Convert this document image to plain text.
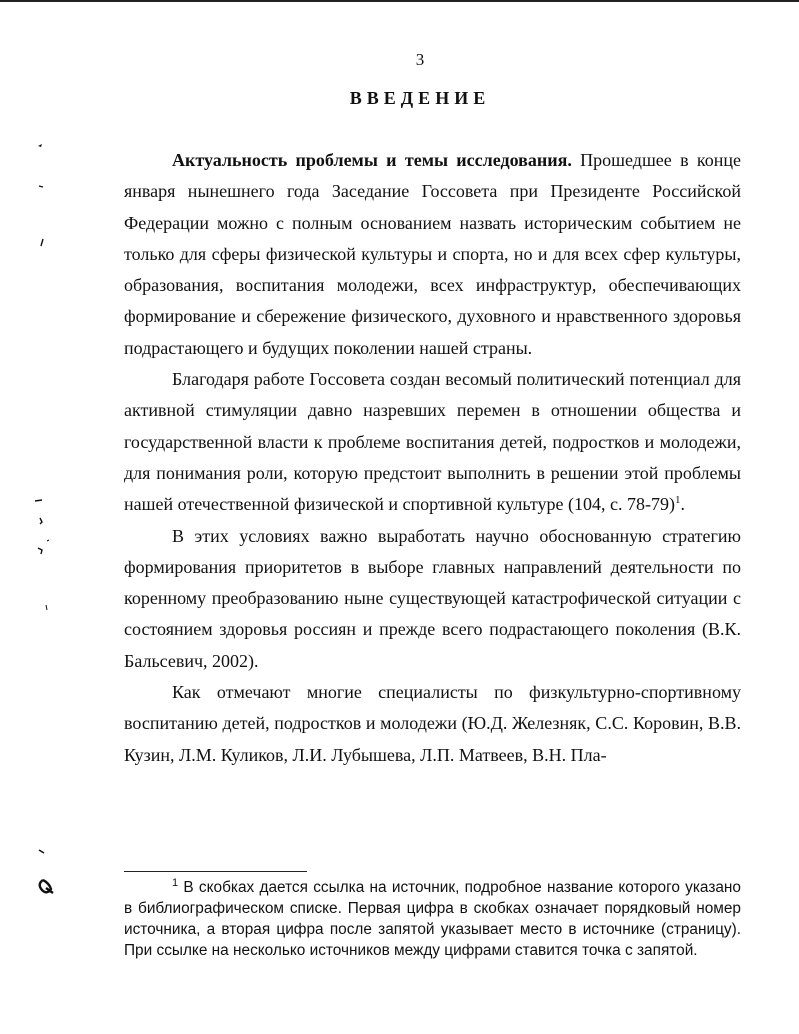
3
ВВЕДЕНИЕ

Актуальность проблемы и темы исследования. Прошедшее в конце января нынешнего года Заседание Госсовета при Президенте Российской Федерации можно с полным основанием назвать историческим событием не только для сферы физической культуры и спорта, но и для всех сфер культуры, образования, воспитания молодежи, всех инфраструктур, обеспечивающих формирование и сбережение физического, духовного и нравственного здоровья подрастающего и будущих поколении нашей страны.

Благодаря работе Госсовета создан весомый политический потенциал для активной стимуляции давно назревших перемен в отношении общества и государственной власти к проблеме воспитания детей, подростков и молодежи, для понимания роли, которую предстоит выполнить в решении этой проблемы нашей отечественной физической и спортивной культуре (104, с. 78-79)$^1$.

В этих условиях важно выработать научно обоснованную стратегию формирования приоритетов в выборе главных направлений деятельности по коренному преобразованию ныне существующей катастрофической ситуации с состоянием здоровья россиян и прежде всего подрастающего поколения (В.К. Бальсевич, 2002).

Как отмечают многие специалисты по физкультурно-спортивному воспитанию детей, подростков и молодежи (Ю.Д. Железняк, С.С. Коровин, В.В. Кузин, Л.М. Куликов, Л.И. Лубышева, Л.П. Матвеев, В.Н. Пла-

$^1$ В скобках дается ссылка на источник, подробное название которого указано в библиографическом списке. Первая цифра в скобках означает порядковый номер источника, а вторая цифра после запятой указывает место в источнике (страницу). При ссылке на несколько источников между цифрами ставится точка с запятой.
